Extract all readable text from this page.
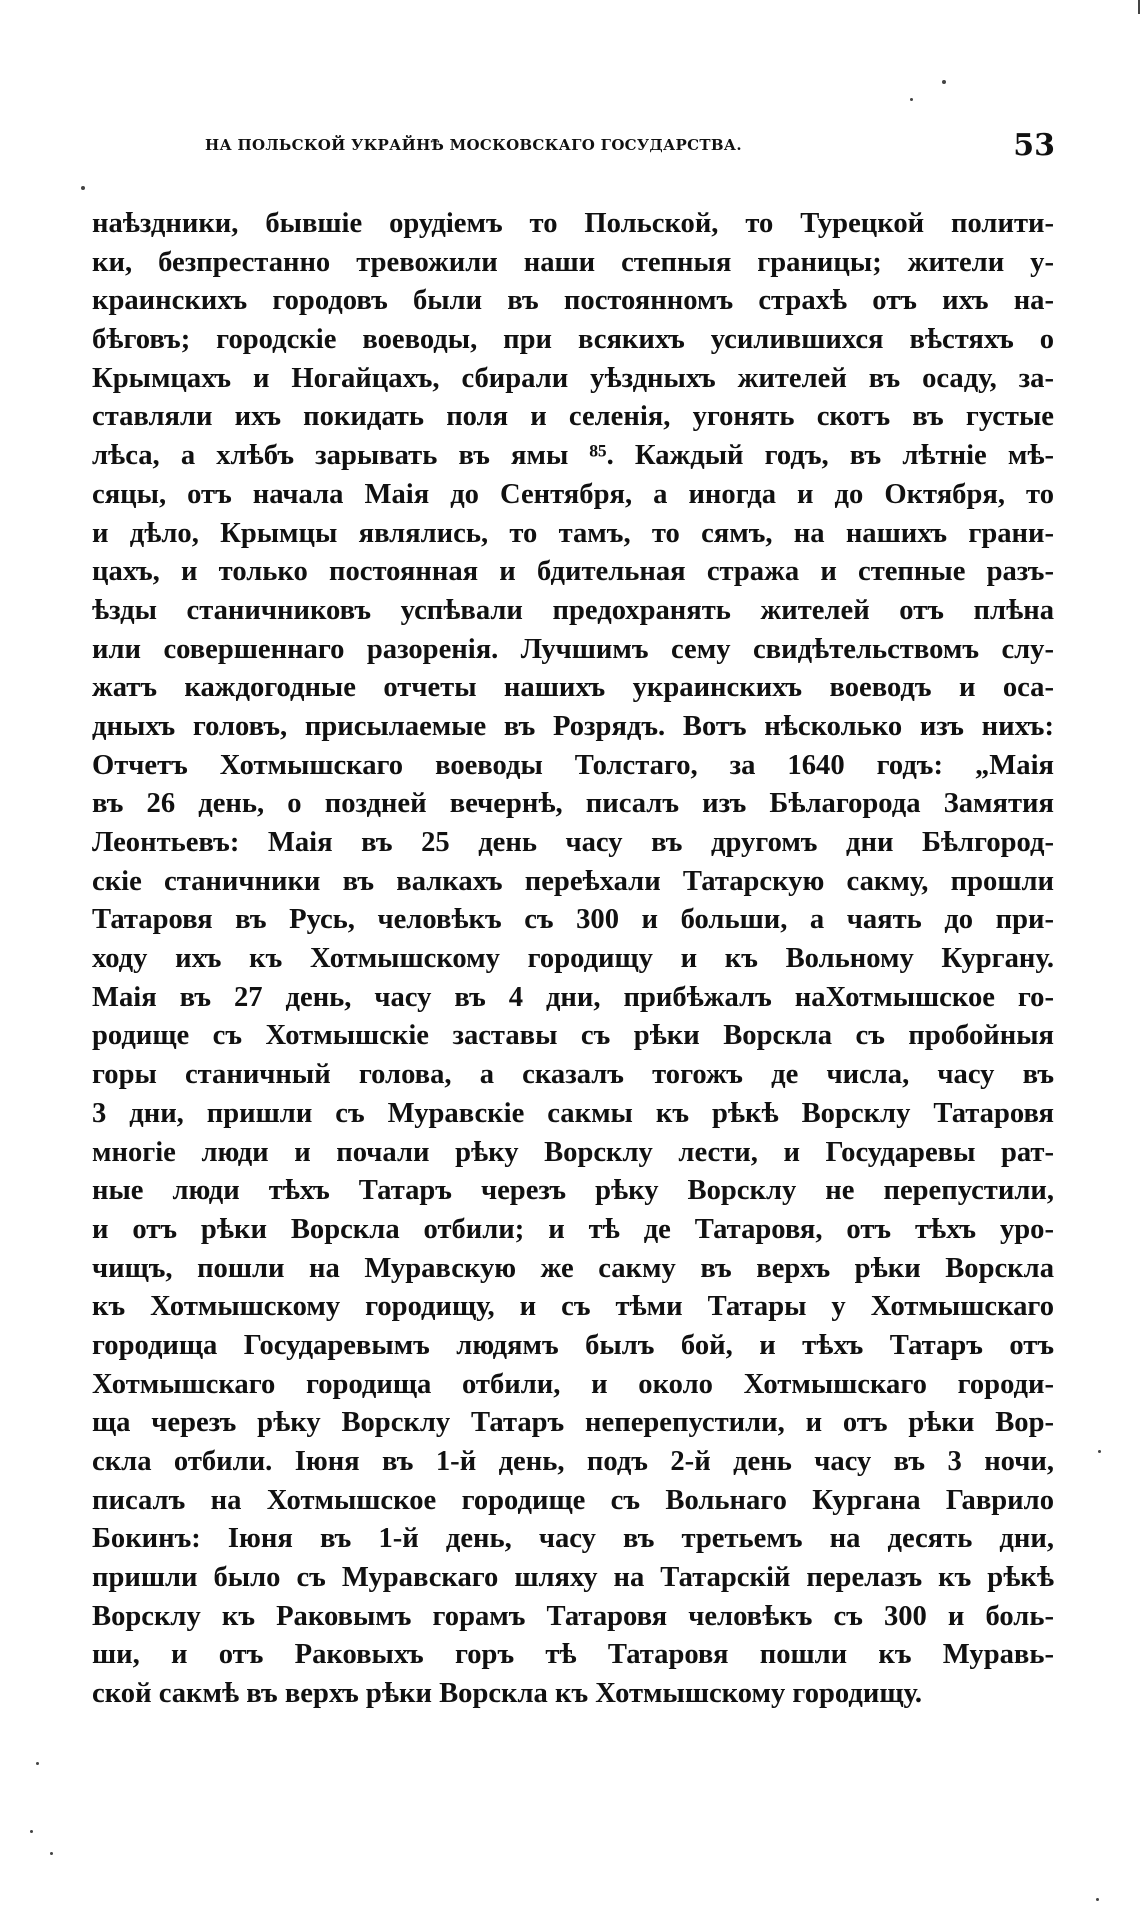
НА ПОЛЬСКОЙ УКРАЙНѢ МОСКОВСКАГО ГОСУДАРСТВА.	53
наѣздники, бывшіе орудіемъ то Польской, то Турецкой полити-
ки, безпрестанно тревожили наши степныя границы; жители у-
краинскихъ городовъ были въ постоянномъ страхѣ отъ ихъ на-
бѣговъ; городскіе воеводы, при всякихъ усилившихся вѣстяхъ о
Крымцахъ и Ногайцахъ, сбирали уѣздныхъ жителей въ осаду, за-
ставляли ихъ покидать поля и селенія, угонять скотъ въ густые
лѣса, а хлѣбъ зарывать въ ямы ⁸⁵. Каждый годъ, въ лѣтніе мѣ-
сяцы, отъ начала Маія до Сентября, а иногда и до Октября, то
и дѣло, Крымцы являлись, то тамъ, то сямъ, на нашихъ грани-
цахъ, и только постоянная и бдительная стража и степные разъ-
ѣзды станичниковъ успѣвали предохранять жителей отъ плѣна
или совершеннаго разоренія. Лучшимъ сему свидѣтельствомъ слу-
жатъ каждогодные отчеты нашихъ украинскихъ воеводъ и оса-
дныхъ головъ, присылаемые въ Розрядъ. Вотъ нѣсколько изъ нихъ:
Отчетъ Хотмышскаго воеводы Толстаго, за 1640 годъ: „Маія
въ 26 день, о поздней вечернѣ, писалъ изъ Бѣлагорода Замятия
Леонтьевъ: Маія въ 25 день часу въ другомъ дни Бѣлгород-
скіе станичники въ валкахъ переѣхали Татарскую сакму, прошли
Татаровя въ Русь, человѣкъ съ 300 и больши, а чаять до при-
ходу ихъ къ Хотмышскому городищу и къ Вольному Кургану.
Маія въ 27 день, часу въ 4 дни, прибѣжалъ наХотмышское го-
родище съ Хотмышскіе заставы съ рѣки Ворскла съ пробойныя
горы станичный голова, а сказалъ тогожъ де числа, часу въ
3 дни, пришли съ Муравскіе сакмы къ рѣкѣ Ворсклу Татаровя
многіе люди и почали рѣку Ворсклу лести, и Государевы рат-
ные люди тѣхъ Татаръ черезъ рѣку Ворсклу не перепустили,
и отъ рѣки Ворскла отбили; и тѣ де Татаровя, отъ тѣхъ уро-
чищъ, пошли на Муравскую же сакму въ верхъ рѣки Ворскла
къ Хотмышскому городищу, и съ тѣми Татары у Хотмышскаго
городища Государевымъ людямъ былъ бой, и тѣхъ Татаръ отъ
Хотмышскаго городища отбили, и около Хотмышскаго городи-
ща черезъ рѣку Ворсклу Татаръ неперепустили, и отъ рѣки Вор-
скла отбили. Іюня въ 1-й день, подъ 2-й день часу въ 3 ночи,
писалъ на Хотмышское городище съ Вольнаго Кургана Гаврило
Бокинъ: Іюня въ 1-й день, часу въ третьемъ на десять дни,
пришли было съ Муравскаго шляху на Татарскій перелазъ къ рѣкѣ
Ворсклу къ Раковымъ горамъ Татаровя человѣкъ съ 300 и боль-
ши, и отъ Раковыхъ горъ тѣ Татаровя пошли къ Муравь-
ской сакмѣ въ верхъ рѣки Ворскла къ Хотмышскому городищу.
